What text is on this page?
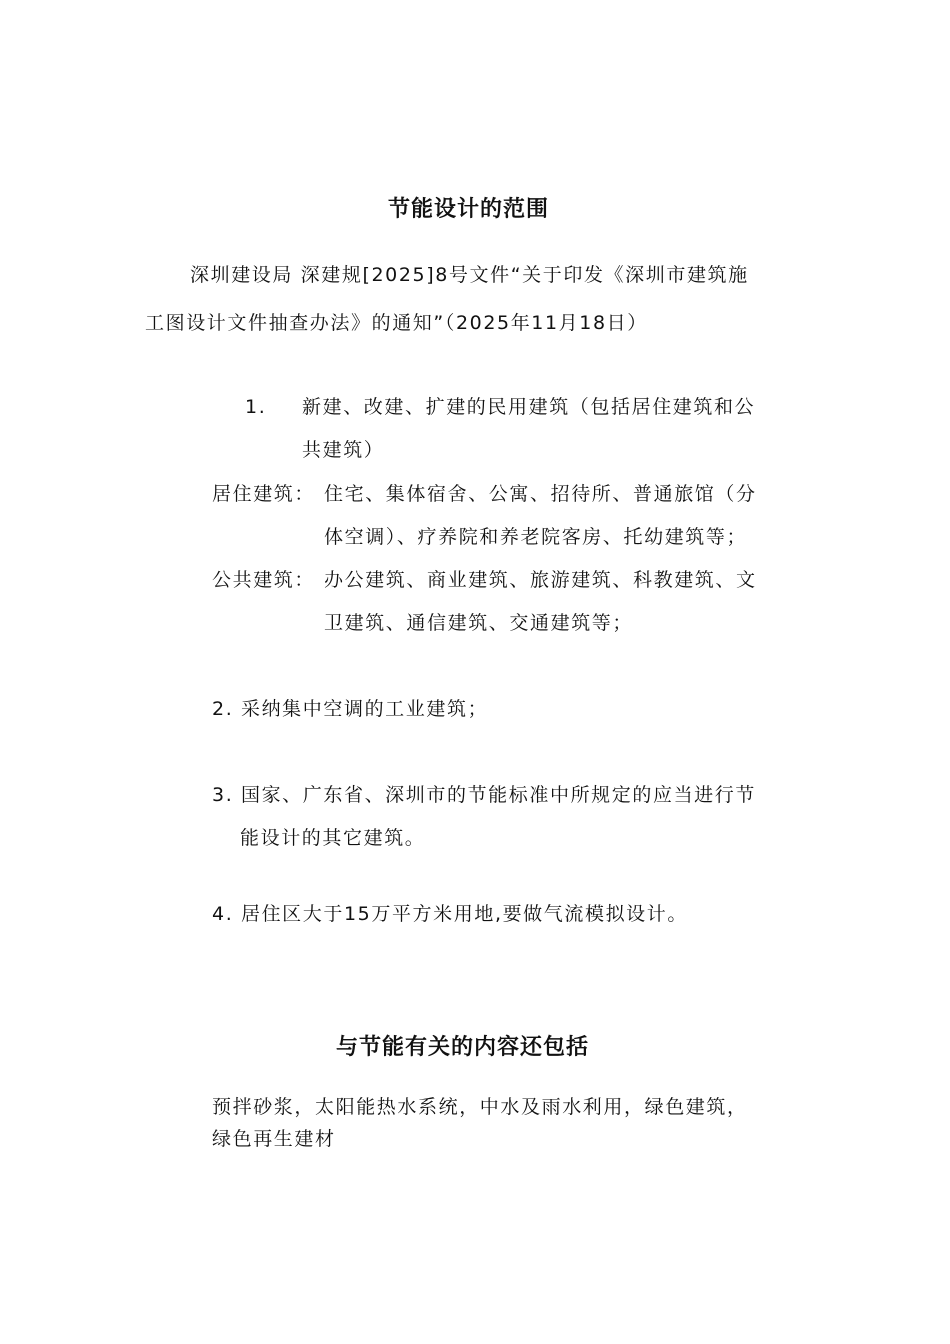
节能设计的范围
深圳建设局 深建规[2025]8号文件“关于印发《深圳市建筑施
工图设计文件抽查办法》的通知”（2025年11月18日）
1. 新建、改建、扩建的民用建筑（包括居住建筑和公
共建筑）
居住建筑： 住宅、集体宿舍、公寓、招待所、普通旅馆（分
体空调）、疗养院和养老院客房、托幼建筑等；
公共建筑： 办公建筑、商业建筑、旅游建筑、科教建筑、文
卫建筑、通信建筑、交通建筑等；
2. 采纳集中空调的工业建筑；
3. 国家、广东省、深圳市的节能标准中所规定的应当进行节
能设计的其它建筑。
4. 居住区大于15万平方米用地,要做气流模拟设计。
与节能有关的内容还包括
预拌砂浆，太阳能热水系统，中水及雨水利用，绿色建筑，
绿色再生建材
